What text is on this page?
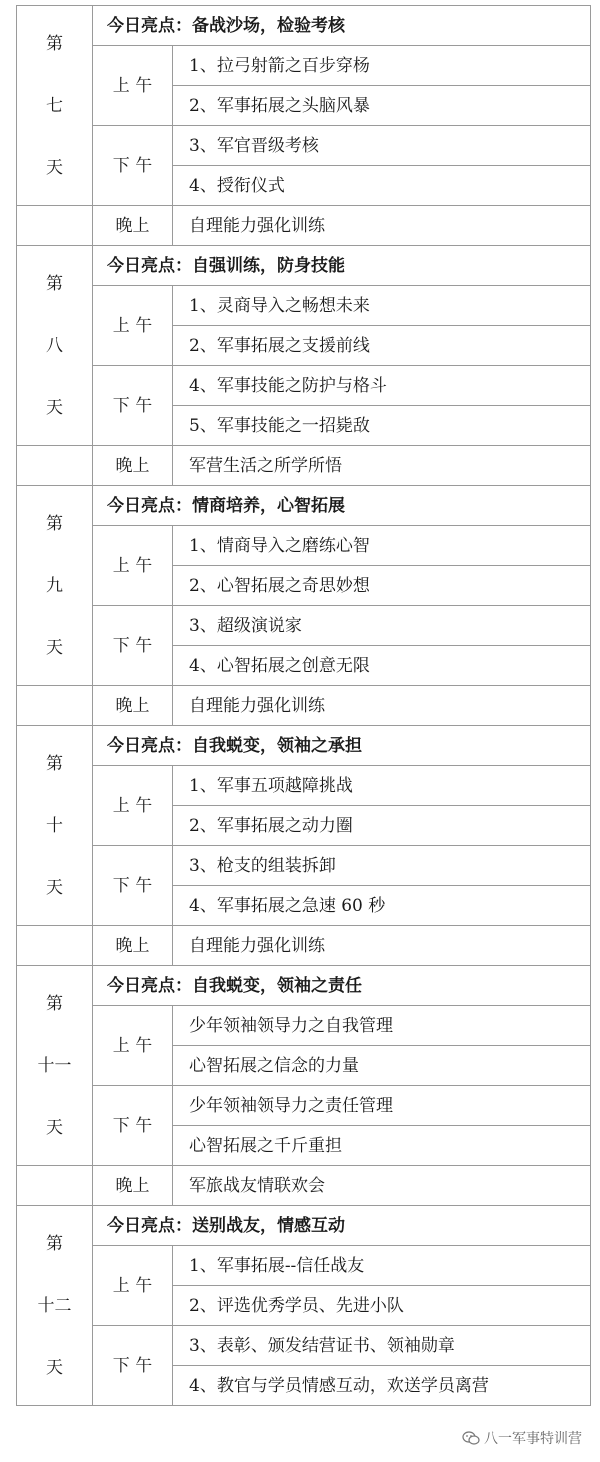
第
七
天	今日亮点：备战沙场，检验考核	
	上 午	1、拉弓射箭之百步穿杨
		2、军事拓展之头脑风暴
	下 午	3、军官晋级考核
		4、授衔仪式
	晚上	自理能力强化训练

第
八
天	今日亮点：自强训练，防身技能	
	上 午	1、灵商导入之畅想未来
		2、军事拓展之支援前线
	下 午	4、军事技能之防护与格斗
		5、军事技能之一招毙敌
	晚上	军营生活之所学所悟

第
九
天	今日亮点：情商培养，心智拓展	
	上 午	1、情商导入之磨练心智
		2、心智拓展之奇思妙想
	下 午	3、超级演说家
		4、心智拓展之创意无限
	晚上	自理能力强化训练

第
十
天	今日亮点：自我蜕变，领袖之承担	
	上 午	1、军事五项越障挑战
		2、军事拓展之动力圈
	下 午	3、枪支的组装拆卸
		4、军事拓展之急速 60 秒
	晚上	自理能力强化训练

第
十一
天	今日亮点：自我蜕变，领袖之责任	
	上 午	少年领袖领导力之自我管理
		心智拓展之信念的力量
	下 午	少年领袖领导力之责任管理
		心智拓展之千斤重担
	晚上	军旅战友情联欢会

第
十二
天	今日亮点：送别战友，情感互动	
	上 午	1、军事拓展--信任战友
		2、评选优秀学员、先进小队
	下 午	3、表彰、颁发结营证书、领袖勋章
		4、教官与学员情感互动，欢送学员离营
八一军事特训营
